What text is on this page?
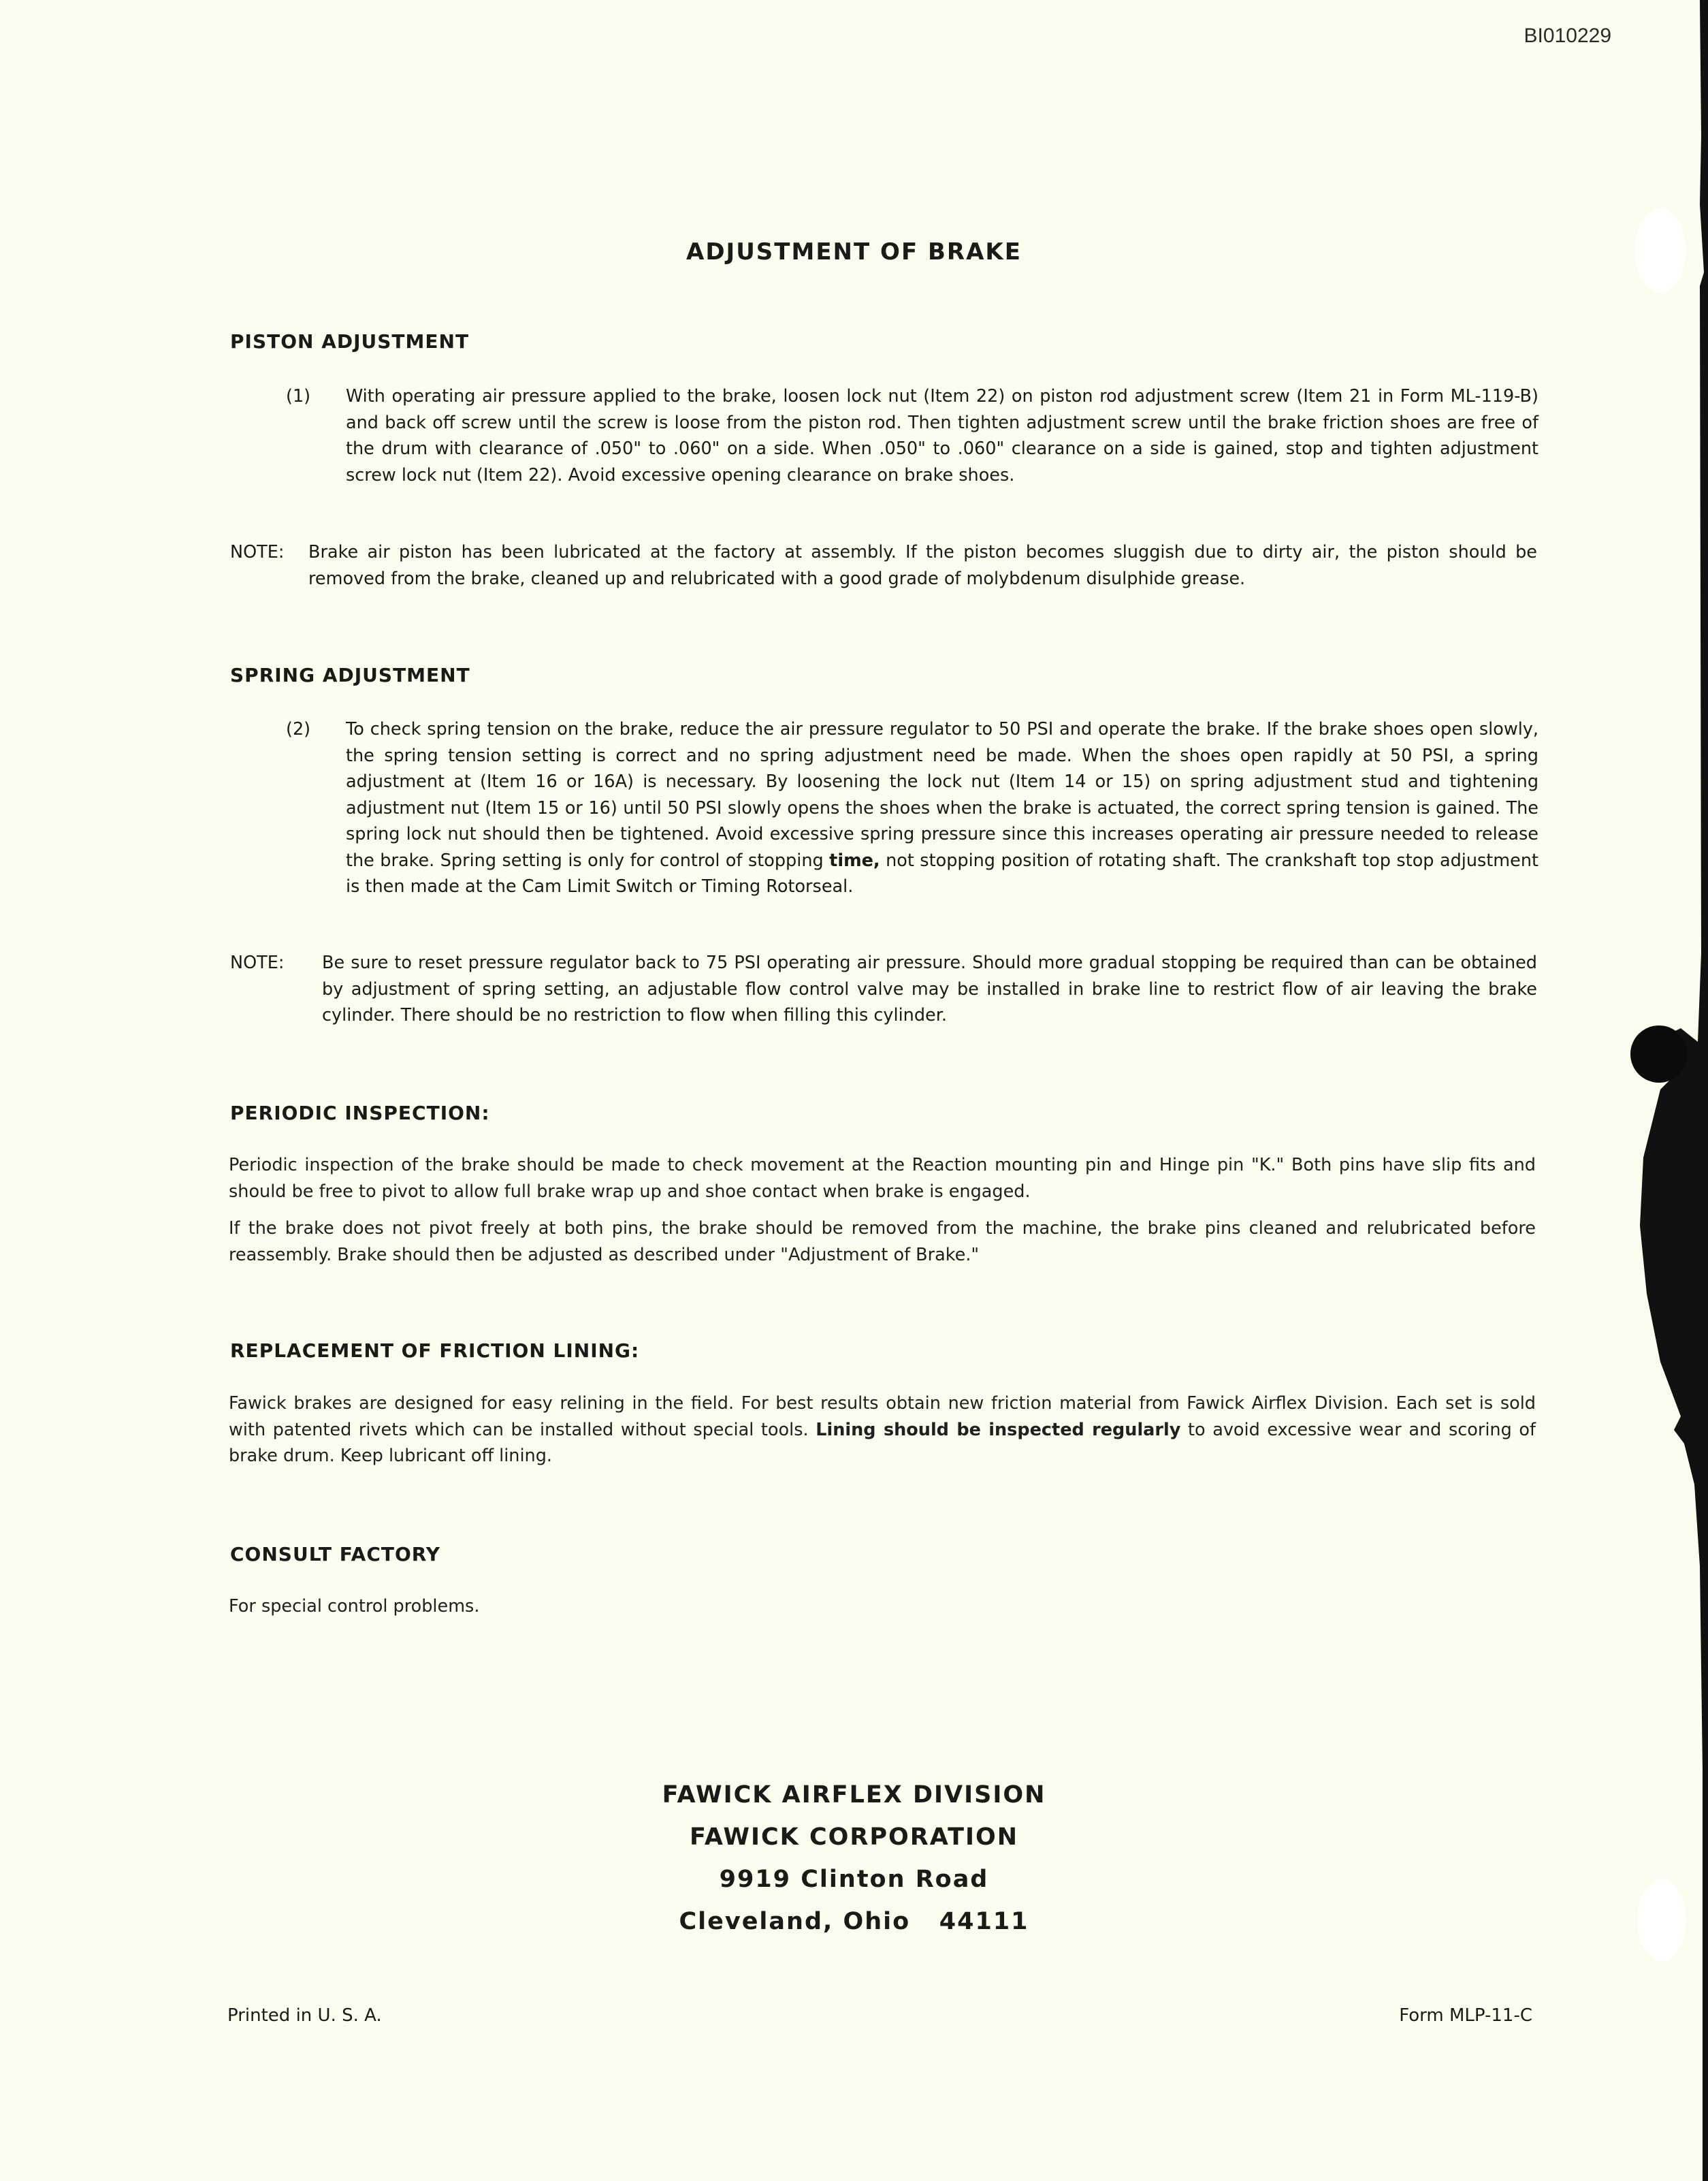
BI010229
ADJUSTMENT OF BRAKE
PISTON ADJUSTMENT
(1) With operating air pressure applied to the brake, loosen lock nut (Item 22) on piston rod adjustment screw (Item 21 in Form ML-119-B) and back off screw until the screw is loose from the piston rod. Then tighten adjustment screw until the brake friction shoes are free of the drum with clearance of .050" to .060" on a side. When .050" to .060" clearance on a side is gained, stop and tighten adjustment screw lock nut (Item 22). Avoid excessive opening clearance on brake shoes.
NOTE: Brake air piston has been lubricated at the factory at assembly. If the piston becomes sluggish due to dirty air, the piston should be removed from the brake, cleaned up and relubricated with a good grade of molybdenum disulphide grease.
SPRING ADJUSTMENT
(2) To check spring tension on the brake, reduce the air pressure regulator to 50 PSI and operate the brake. If the brake shoes open slowly, the spring tension setting is correct and no spring adjustment need be made. When the shoes open rapidly at 50 PSI, a spring adjustment at (Item 16 or 16A) is necessary. By loosening the lock nut (Item 14 or 15) on spring adjustment stud and tightening adjustment nut (Item 15 or 16) until 50 PSI slowly opens the shoes when the brake is actuated, the correct spring tension is gained. The spring lock nut should then be tightened. Avoid excessive spring pressure since this increases operating air pressure needed to release the brake. Spring setting is only for control of stopping time, not stopping position of rotating shaft. The crankshaft top stop adjustment is then made at the Cam Limit Switch or Timing Rotorseal.
NOTE: Be sure to reset pressure regulator back to 75 PSI operating air pressure. Should more gradual stopping be required than can be obtained by adjustment of spring setting, an adjustable flow control valve may be installed in brake line to restrict flow of air leaving the brake cylinder. There should be no restriction to flow when filling this cylinder.
PERIODIC INSPECTION:
Periodic inspection of the brake should be made to check movement at the Reaction mounting pin and Hinge pin "K." Both pins have slip fits and should be free to pivot to allow full brake wrap up and shoe contact when brake is engaged.
If the brake does not pivot freely at both pins, the brake should be removed from the machine, the brake pins cleaned and relubricated before reassembly. Brake should then be adjusted as described under "Adjustment of Brake."
REPLACEMENT OF FRICTION LINING:
Fawick brakes are designed for easy relining in the field. For best results obtain new friction material from Fawick Airflex Division. Each set is sold with patented rivets which can be installed without special tools. Lining should be inspected regularly to avoid excessive wear and scoring of brake drum. Keep lubricant off lining.
CONSULT FACTORY
For special control problems.
FAWICK AIRFLEX DIVISION
FAWICK CORPORATION
9919 Clinton Road
Cleveland, Ohio   44111
Printed in U. S. A.	Form MLP-11-C
